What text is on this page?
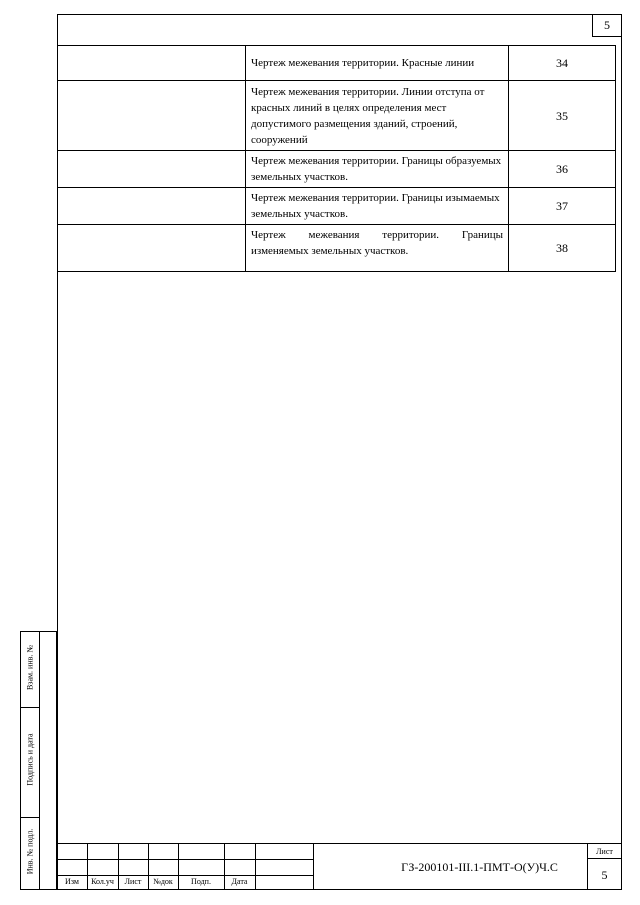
5
	Чертеж межевания территории. Красные линии	34
	Чертеж межевания территории. Линии отступа от красных линий в целях определения мест допустимого размещения зданий, строений, сооружений	35
	Чертеж межевания территории. Границы образуемых земельных участков.	36
	Чертеж межевания территории. Границы изымаемых земельных участков.	37
	Чертеж межевания территории. Границы изменяемых земельных участков.	38
Взам. инв. №
Подпись и дата
Инв. № подл.
Изм	Кол.уч	Лист	№док	Подп.	Дата
ГЗ-200101-III.1-ПМТ-О(У)Ч.С
Лист
5
